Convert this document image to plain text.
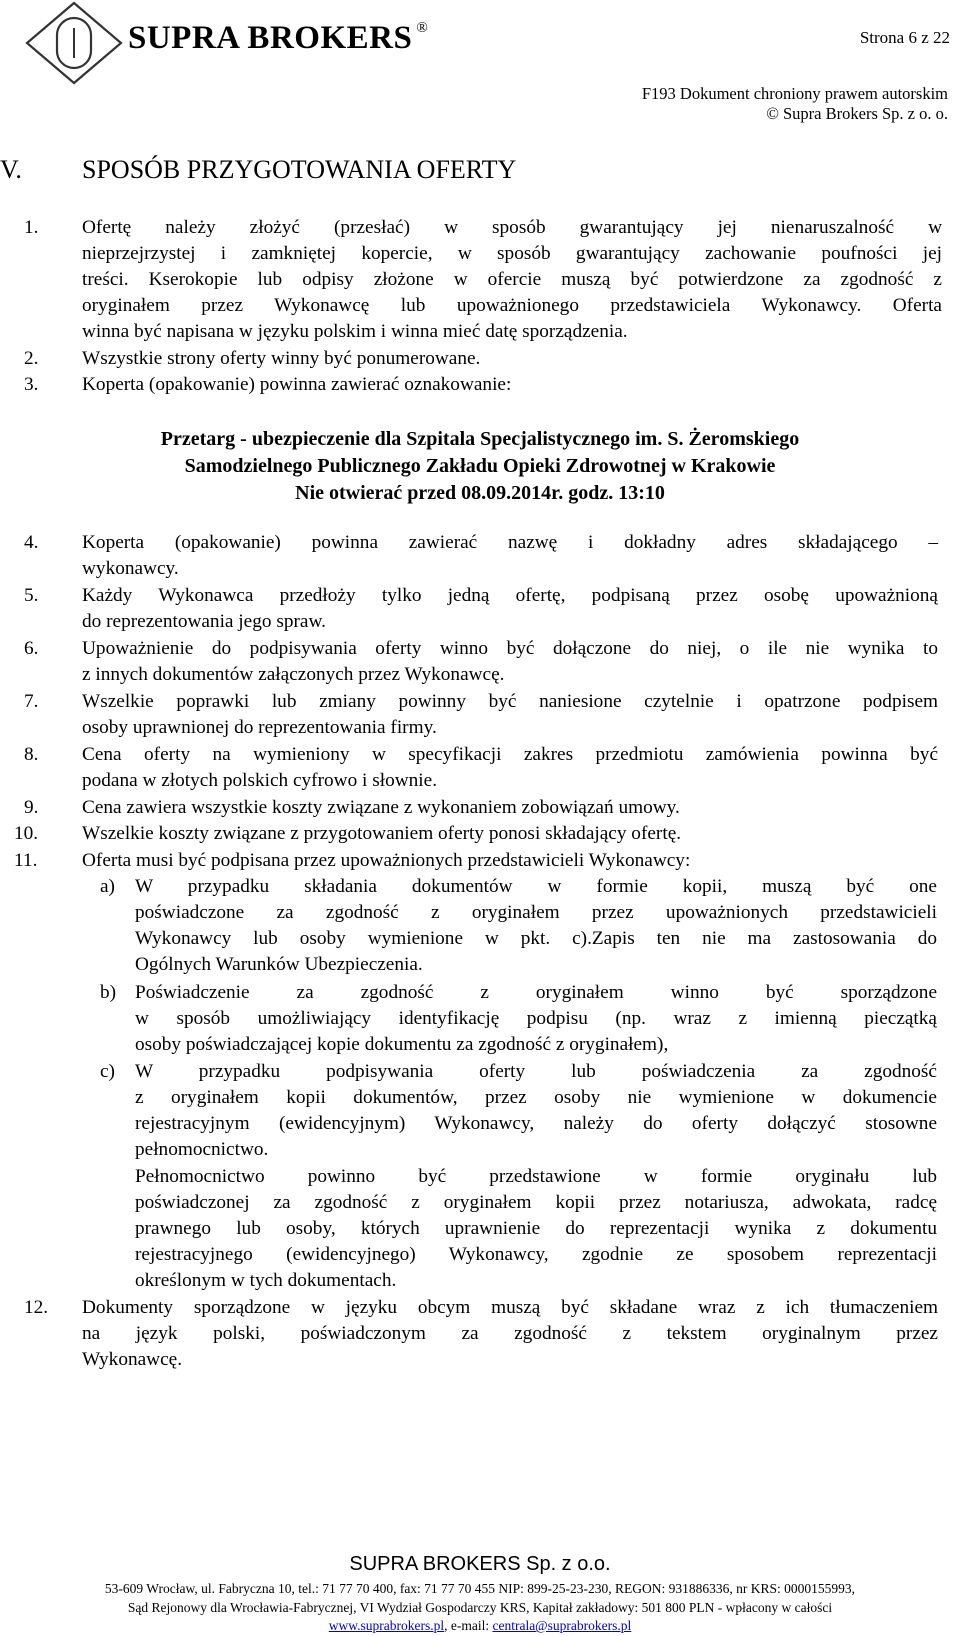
SUPRA BROKERS ®	Strona 6 z 22
F193 Dokument chroniony prawem autorskim
© Supra Brokers Sp. z o. o.
V. SPOSÓB PRZYGOTOWANIA OFERTY
1. Ofertę należy złożyć (przesłać) w sposób gwarantujący jej nienaruszalność w
nieprzejrzystej i zamkniętej kopercie, w sposób gwarantujący zachowanie poufności jej
treści. Kserokopie lub odpisy złożone w ofercie muszą być potwierdzone za zgodność z
oryginałem przez Wykonawcę lub upoważnionego przedstawiciela Wykonawcy. Oferta
winna być napisana w języku polskim i winna mieć datę sporządzenia.
2. Wszystkie strony oferty winny być ponumerowane.
3. Koperta (opakowanie) powinna zawierać oznakowanie:
Przetarg - ubezpieczenie dla Szpitala Specjalistycznego im. S. Żeromskiego
Samodzielnego Publicznego Zakładu Opieki Zdrowotnej w Krakowie
Nie otwierać przed 08.09.2014r. godz. 13:10
4. Koperta (opakowanie) powinna zawierać nazwę i dokładny adres składającego –
wykonawcy.
5. Każdy Wykonawca przedłoży tylko jedną ofertę, podpisaną przez osobę upoważnioną
do reprezentowania jego spraw.
6. Upoważnienie do podpisywania oferty winno być dołączone do niej, o ile nie wynika to
z innych dokumentów załączonych przez Wykonawcę.
7. Wszelkie poprawki lub zmiany powinny być naniesione czytelnie i opatrzone podpisem
osoby uprawnionej do reprezentowania firmy.
8. Cena oferty na wymieniony w specyfikacji zakres przedmiotu zamówienia powinna być
podana w złotych polskich cyfrowo i słownie.
9. Cena zawiera wszystkie koszty związane z wykonaniem zobowiązań umowy.
10. Wszelkie koszty związane z przygotowaniem oferty ponosi składający ofertę.
11. Oferta musi być podpisana przez upoważnionych przedstawicieli Wykonawcy:
a) W przypadku składania dokumentów w formie kopii, muszą być one
poświadczone za zgodność z oryginałem przez upoważnionych przedstawicieli
Wykonawcy lub osoby wymienione w pkt. c).Zapis ten nie ma zastosowania do
Ogólnych Warunków Ubezpieczenia.
b) Poświadczenie za zgodność z oryginałem winno być sporządzone
w sposób umożliwiający identyfikację podpisu (np. wraz z imienną pieczątką
osoby poświadczającej kopie dokumentu za zgodność z oryginałem),
c) W przypadku podpisywania oferty lub poświadczenia za zgodność
z oryginałem kopii dokumentów, przez osoby nie wymienione w dokumencie
rejestracyjnym (ewidencyjnym) Wykonawcy, należy do oferty dołączyć stosowne
pełnomocnictwo.
Pełnomocnictwo powinno być przedstawione w formie oryginału lub
poświadczonej za zgodność z oryginałem kopii przez notariusza, adwokata, radcę
prawnego lub osoby, których uprawnienie do reprezentacji wynika z dokumentu
rejestracyjnego (ewidencyjnego) Wykonawcy, zgodnie ze sposobem reprezentacji
określonym w tych dokumentach.
12. Dokumenty sporządzone w języku obcym muszą być składane wraz z ich tłumaczeniem
na język polski, poświadczonym za zgodność z tekstem oryginalnym przez
Wykonawcę.
SUPRA BROKERS Sp. z o.o.
53-609 Wrocław, ul. Fabryczna 10, tel.: 71 77 70 400, fax: 71 77 70 455 NIP: 899-25-23-230, REGON: 931886336, nr KRS: 0000155993,
Sąd Rejonowy dla Wrocławia-Fabrycznej, VI Wydział Gospodarczy KRS, Kapitał zakładowy: 501 800 PLN - wpłacony w całości
www.suprabrokers.pl, e-mail: centrala@suprabrokers.pl
